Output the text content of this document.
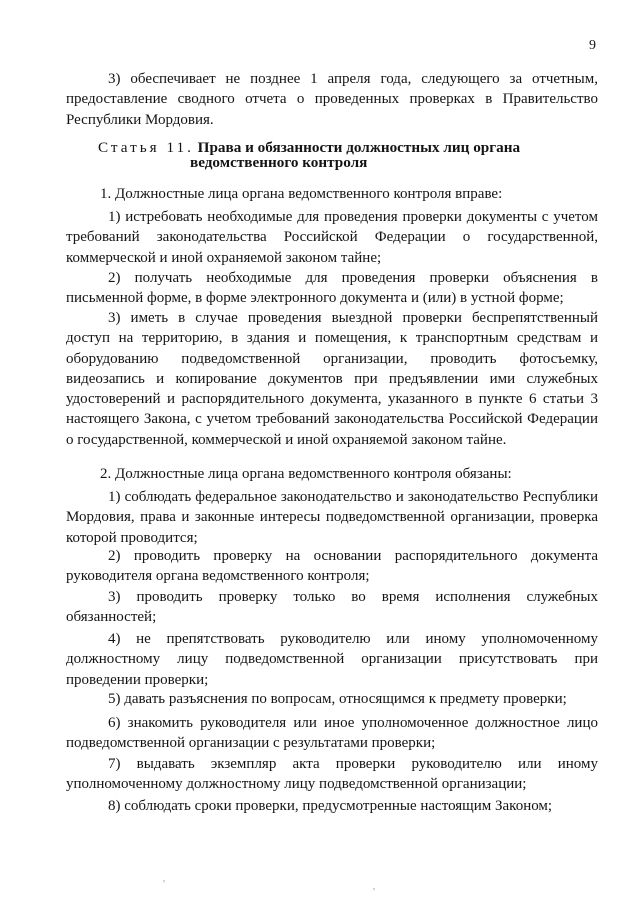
9
3) обеспечивает не позднее 1 апреля года, следующего за отчетным, предоставление сводного отчета о проведенных проверках в Правительство Республики Мордовия.
Статья 11. Права и обязанности должностных лиц органа
ведомственного контроля
1. Должностные лица органа ведомственного контроля вправе:
1) истребовать необходимые для проведения проверки документы с учетом требований законодательства Российской Федерации о государственной, коммерческой и иной охраняемой законом тайне;
2) получать необходимые для проведения проверки объяснения в письменной форме, в форме электронного документа и (или) в устной форме;
3) иметь в случае проведения выездной проверки беспрепятственный доступ на территорию, в здания и помещения, к транспортным средствам и оборудованию подведомственной организации, проводить фотосъемку, видеозапись и копирование документов при предъявлении ими служебных удостоверений и распорядительного документа, указанного в пункте 6 статьи 3 настоящего Закона, с учетом требований законодательства Российской Федерации о государственной, коммерческой и иной охраняемой законом тайне.
2. Должностные лица органа ведомственного контроля обязаны:
1) соблюдать федеральное законодательство и законодательство Республики Мордовия, права и законные интересы подведомственной организации, проверка которой проводится;
2) проводить проверку на основании распорядительного документа руководителя органа ведомственного контроля;
3) проводить проверку только во время исполнения служебных обязанностей;
4) не препятствовать руководителю или иному уполномоченному должностному лицу подведомственной организации присутствовать при проведении проверки;
5) давать разъяснения по вопросам, относящимся к предмету проверки;
6) знакомить руководителя или иное уполномоченное должностное лицо подведомственной организации с результатами проверки;
7) выдавать экземпляр акта проверки руководителю или иному уполномоченному должностному лицу подведомственной организации;
8) соблюдать сроки проверки, предусмотренные настоящим Законом;
'
'
